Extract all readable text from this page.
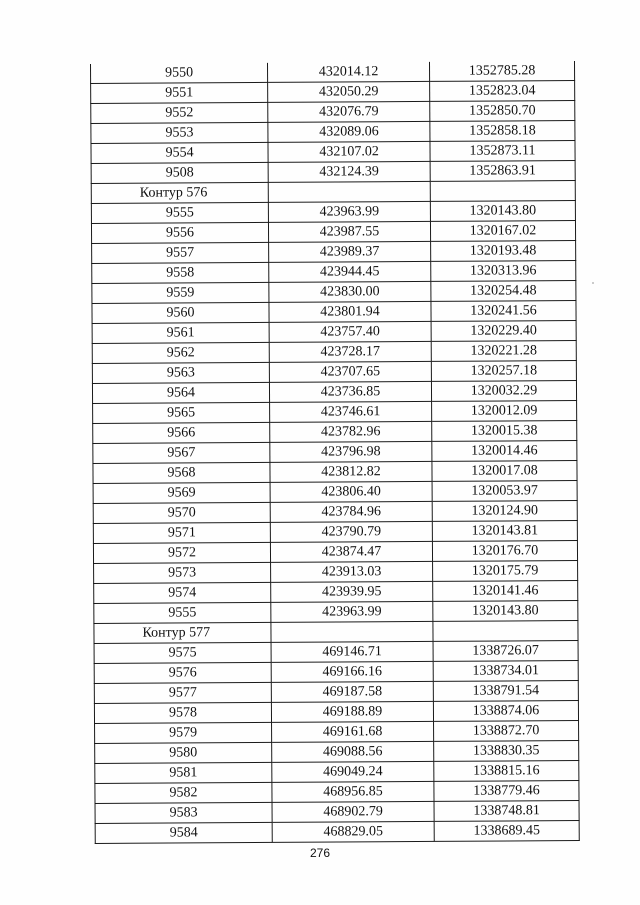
9550	432014.12	1352785.28
9551	432050.29	1352823.04
9552	432076.79	1352850.70
9553	432089.06	1352858.18
9554	432107.02	1352873.11
9508	432124.39	1352863.91
Контур 576		
9555	423963.99	1320143.80
9556	423987.55	1320167.02
9557	423989.37	1320193.48
9558	423944.45	1320313.96
9559	423830.00	1320254.48
9560	423801.94	1320241.56
9561	423757.40	1320229.40
9562	423728.17	1320221.28
9563	423707.65	1320257.18
9564	423736.85	1320032.29
9565	423746.61	1320012.09
9566	423782.96	1320015.38
9567	423796.98	1320014.46
9568	423812.82	1320017.08
9569	423806.40	1320053.97
9570	423784.96	1320124.90
9571	423790.79	1320143.81
9572	423874.47	1320176.70
9573	423913.03	1320175.79
9574	423939.95	1320141.46
9555	423963.99	1320143.80
Контур 577		
9575	469146.71	1338726.07
9576	469166.16	1338734.01
9577	469187.58	1338791.54
9578	469188.89	1338874.06
9579	469161.68	1338872.70
9580	469088.56	1338830.35
9581	469049.24	1338815.16
9582	468956.85	1338779.46
9583	468902.79	1338748.81
9584	468829.05	1338689.45
276
